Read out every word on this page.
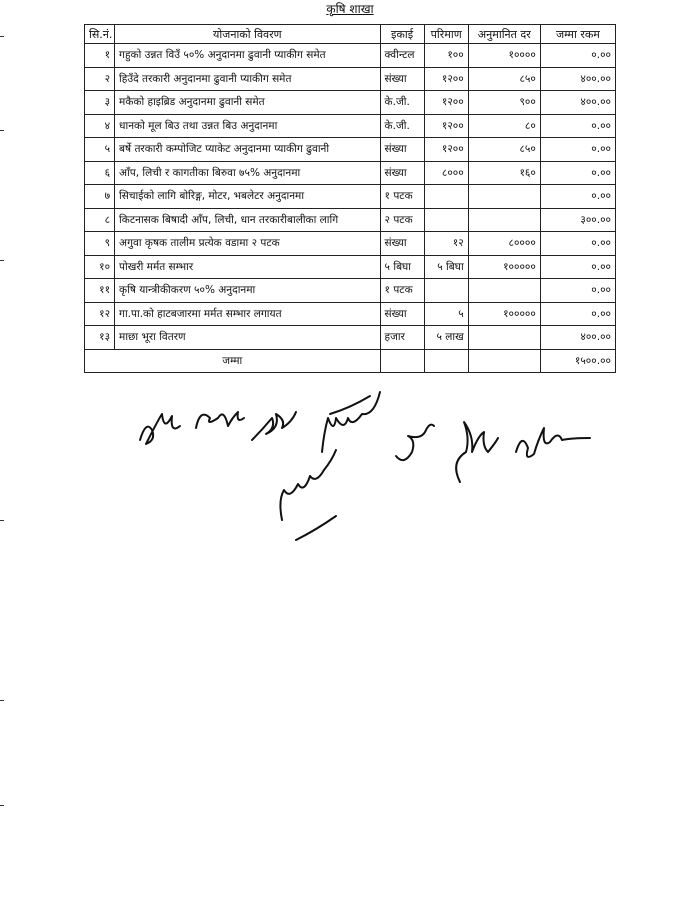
कृषि शाखा
सि.नं.	योजनाको विवरण	इकाई	परिमाण	अनुमानित दर	जम्मा रकम
१	गहुको उन्नत विउँ ५०% अनुदानमा ढुवानी प्याकीग समेत	क्वीन्टल	१००	१००००	०.००
२	हिउँदे तरकारी अनुदानमा ढुवानी प्याकीग समेत	संख्या	१२००	८५०	४००.००
३	मकैको हाइब्रिड अनुदानमा ढुवानी समेत	के.जी.	१२००	९००	४००.००
४	धानको मूल बिउ तथा उन्नत बिउ अनुदानमा	के.जी.	१२००	८०	०.००
५	बर्षे तरकारी कम्पोजिट प्याकेट अनुदानमा प्याकीग ढुवानी	संख्या	१२००	८५०	०.००
६	आँप, लिची र कागतीका बिरुवा ७५% अनुदानमा	संख्या	८०००	१६०	०.००
७	सिचाईको लागि बोरिङ्ग, मोटर, भबलेटर अनुदानमा	१ पटक			०.००
८	किटनासक बिषादी आँप, लिची, धान तरकारीबालीका लागि	२ पटक			३००.००
९	अगुवा कृषक तालीम प्रत्येक वडामा २ पटक	संख्या	१२	८००००	०.००
१०	पोखरी मर्मत सम्भार	५ बिघा	५ बिघा	१०००००	०.००
११	कृषि यान्त्रीकीकरण ५०% अनुदानमा	१ पटक			०.००
१२	गा.पा.को हाटबजारमा मर्मत सम्भार लगायत	संख्या	५	१०००००	०.००
१३	माछा भूरा वितरण	हजार	५ लाख		४००.००
जम्मा					१५००.००
